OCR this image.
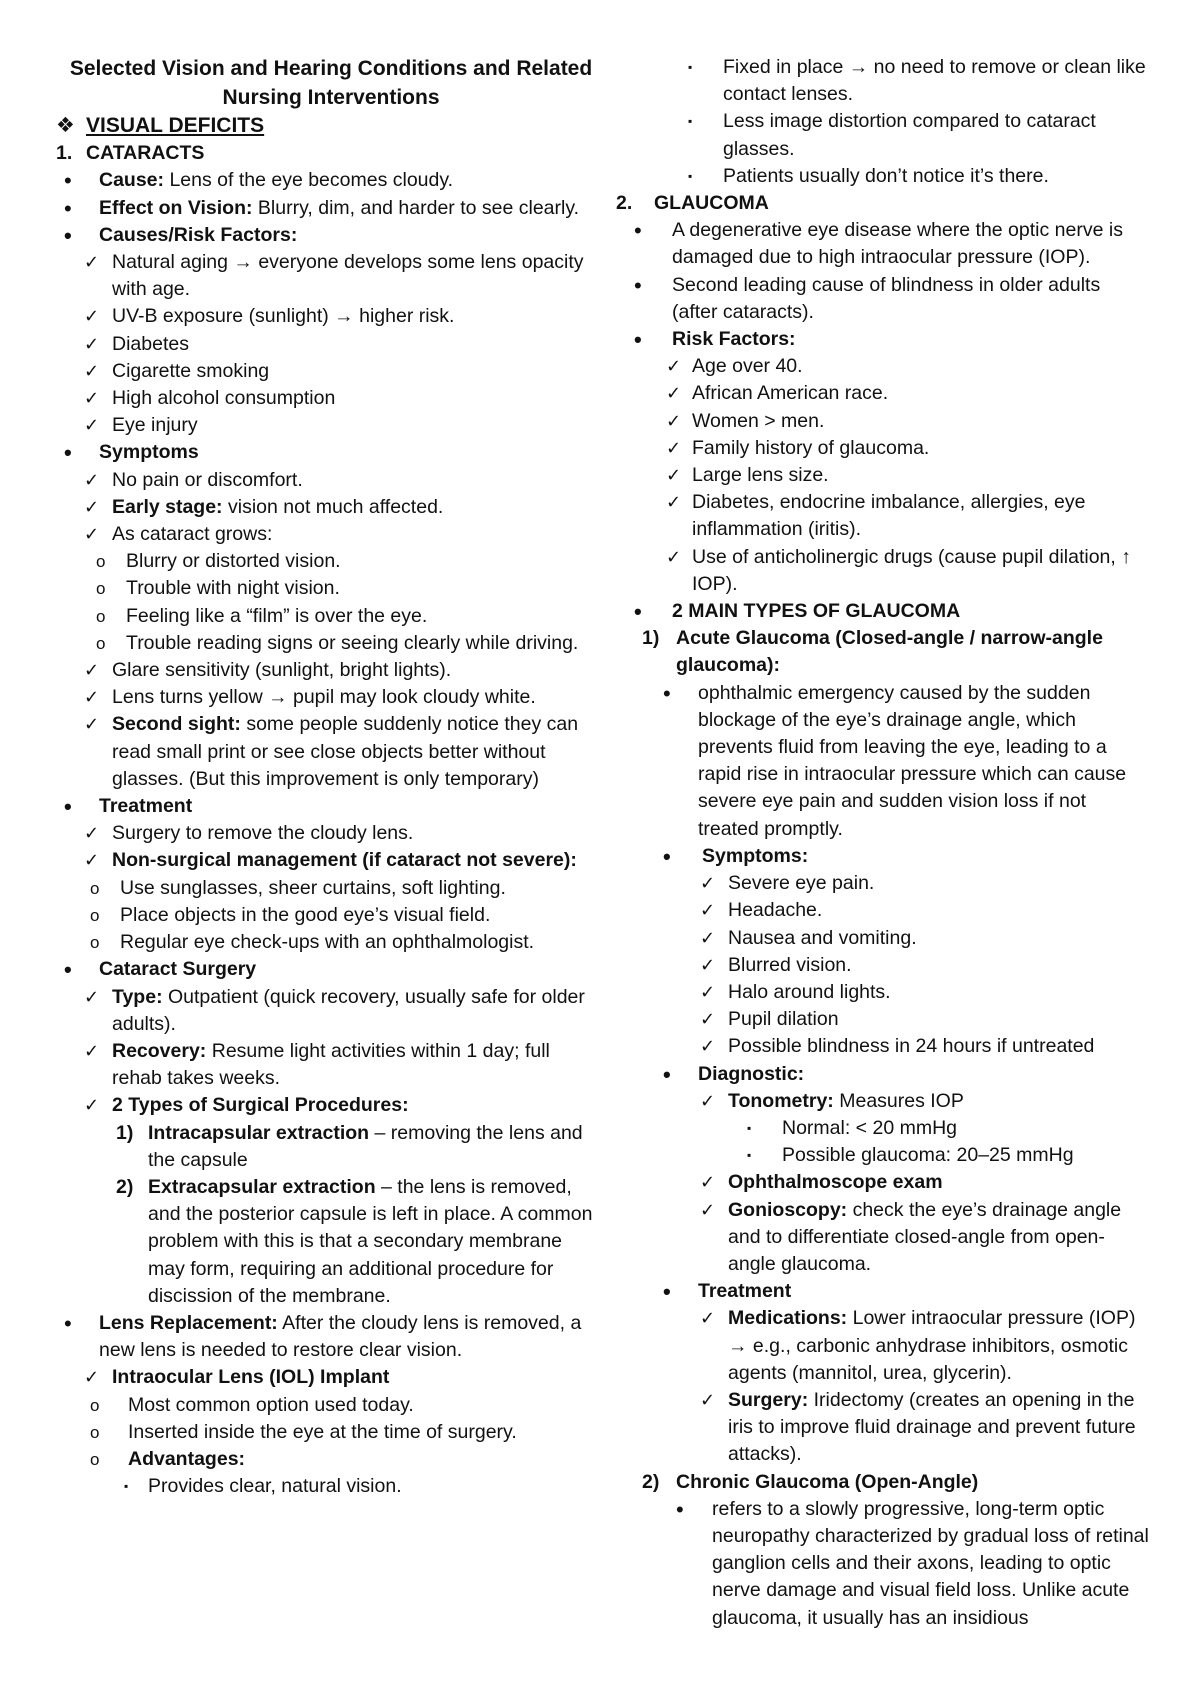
Selected Vision and Hearing Conditions and Related Nursing Interventions
❖ VISUAL DEFICITS
1. CATARACTS
• Cause: Lens of the eye becomes cloudy.
• Effect on Vision: Blurry, dim, and harder to see clearly.
• Causes/Risk Factors:
✓ Natural aging → everyone develops some lens opacity with age.
✓ UV-B exposure (sunlight) → higher risk.
✓ Diabetes
✓ Cigarette smoking
✓ High alcohol consumption
✓ Eye injury
• Symptoms
✓ No pain or discomfort.
✓ Early stage: vision not much affected.
✓ As cataract grows:
o Blurry or distorted vision.
o Trouble with night vision.
o Feeling like a “film” is over the eye.
o Trouble reading signs or seeing clearly while driving.
✓ Glare sensitivity (sunlight, bright lights).
✓ Lens turns yellow → pupil may look cloudy white.
✓ Second sight: some people suddenly notice they can read small print or see close objects better without glasses. (But this improvement is only temporary)
• Treatment
✓ Surgery to remove the cloudy lens.
✓ Non-surgical management (if cataract not severe):
o Use sunglasses, sheer curtains, soft lighting.
o Place objects in the good eye’s visual field.
o Regular eye check-ups with an ophthalmologist.
• Cataract Surgery
✓ Type: Outpatient (quick recovery, usually safe for older adults).
✓ Recovery: Resume light activities within 1 day; full rehab takes weeks.
✓ 2 Types of Surgical Procedures:
1) Intracapsular extraction – removing the lens and the capsule
2) Extracapsular extraction – the lens is removed, and the posterior capsule is left in place. A common problem with this is that a secondary membrane may form, requiring an additional procedure for discission of the membrane.
• Lens Replacement: After the cloudy lens is removed, a new lens is needed to restore clear vision.
✓ Intraocular Lens (IOL) Implant
o Most common option used today.
o Inserted inside the eye at the time of surgery.
o Advantages:
▪ Provides clear, natural vision.
▪ Fixed in place → no need to remove or clean like contact lenses.
▪ Less image distortion compared to cataract glasses.
▪ Patients usually don’t notice it’s there.
2. GLAUCOMA
• A degenerative eye disease where the optic nerve is damaged due to high intraocular pressure (IOP).
• Second leading cause of blindness in older adults (after cataracts).
• Risk Factors:
✓ Age over 40.
✓ African American race.
✓ Women > men.
✓ Family history of glaucoma.
✓ Large lens size.
✓ Diabetes, endocrine imbalance, allergies, eye inflammation (iritis).
✓ Use of anticholinergic drugs (cause pupil dilation, ↑ IOP).
• 2 MAIN TYPES OF GLAUCOMA
1) Acute Glaucoma (Closed-angle / narrow-angle glaucoma):
• ophthalmic emergency caused by the sudden blockage of the eye’s drainage angle, which prevents fluid from leaving the eye, leading to a rapid rise in intraocular pressure which can cause severe eye pain and sudden vision loss if not treated promptly.
• Symptoms:
✓ Severe eye pain.
✓ Headache.
✓ Nausea and vomiting.
✓ Blurred vision.
✓ Halo around lights.
✓ Pupil dilation
✓ Possible blindness in 24 hours if untreated
• Diagnostic:
✓ Tonometry: Measures IOP
▪ Normal: < 20 mmHg
▪ Possible glaucoma: 20–25 mmHg
✓ Ophthalmoscope exam
✓ Gonioscopy: check the eye’s drainage angle and to differentiate closed-angle from open-angle glaucoma.
• Treatment
✓ Medications: Lower intraocular pressure (IOP) → e.g., carbonic anhydrase inhibitors, osmotic agents (mannitol, urea, glycerin).
✓ Surgery: Iridectomy (creates an opening in the iris to improve fluid drainage and prevent future attacks).
2) Chronic Glaucoma (Open-Angle)
• refers to a slowly progressive, long-term optic neuropathy characterized by gradual loss of retinal ganglion cells and their axons, leading to optic nerve damage and visual field loss. Unlike acute glaucoma, it usually has an insidious
